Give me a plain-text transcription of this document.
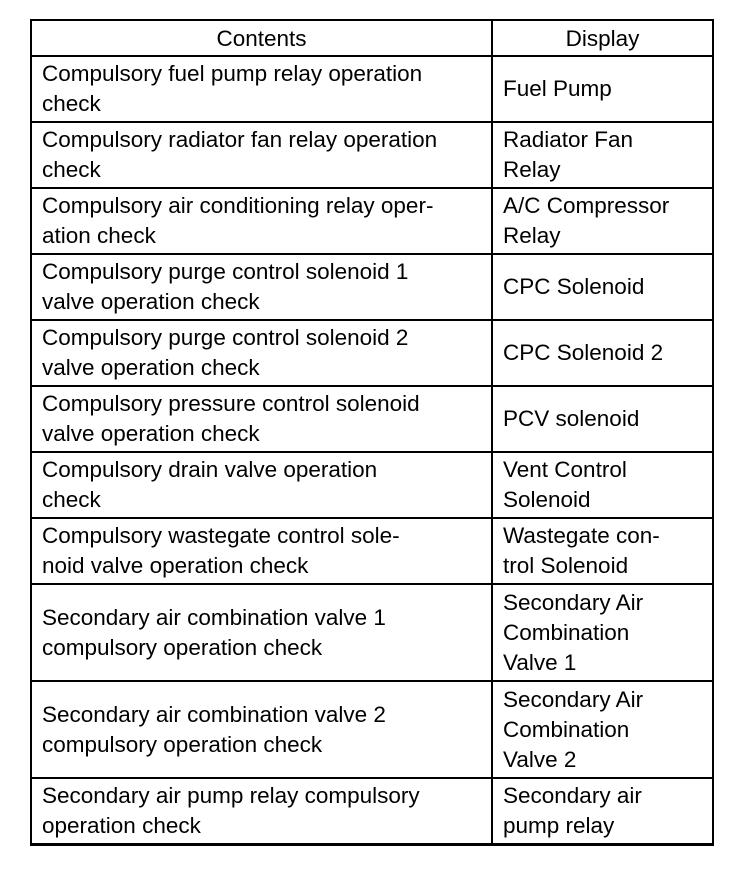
Contents	Display

Compulsory fuel pump relay operation
check	Fuel Pump

Compulsory radiator fan relay operation
check	Radiator Fan
Relay

Compulsory air conditioning relay oper-
ation check	A/C Compressor
Relay

Compulsory purge control solenoid 1
valve operation check	CPC Solenoid

Compulsory purge control solenoid 2
valve operation check	CPC Solenoid 2

Compulsory pressure control solenoid
valve operation check	PCV solenoid

Compulsory drain valve operation
check	Vent Control
Solenoid

Compulsory wastegate control sole-
noid valve operation check	Wastegate con-
trol Solenoid

Secondary air combination valve 1
compulsory operation check	Secondary Air
Combination
Valve 1

Secondary air combination valve 2
compulsory operation check	Secondary Air
Combination
Valve 2

Secondary air pump relay compulsory
operation check	Secondary air
pump relay
